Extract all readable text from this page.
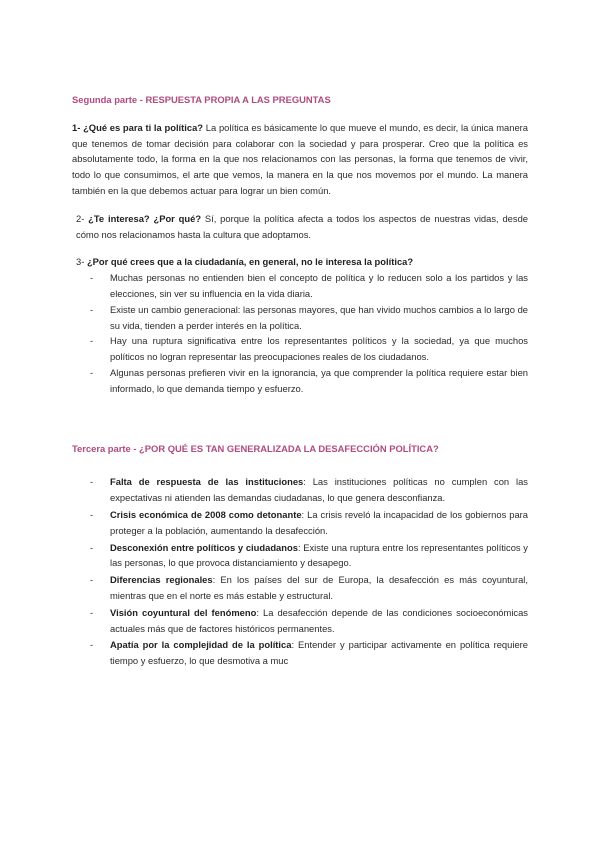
Segunda parte - RESPUESTA PROPIA A LAS PREGUNTAS

1- ¿Qué es para ti la política? La política es básicamente lo que mueve el mundo, es decir, la única manera que tenemos de tomar decisión para colaborar con la sociedad y para prosperar. Creo que la política es absolutamente todo, la forma en la que nos relacionamos con las personas, la forma que tenemos de vivir, todo lo que consumimos, el arte que vemos, la manera en la que nos movemos por el mundo. La manera también en la que debemos actuar para lograr un bien común.

2- ¿Te interesa? ¿Por qué? Sí, porque la política afecta a todos los aspectos de nuestras vidas, desde cómo nos relacionamos hasta la cultura que adoptamos.

3- ¿Por qué crees que a la ciudadanía, en general, no le interesa la política?

- Muchas personas no entienden bien el concepto de política y lo reducen solo a los partidos y las elecciones, sin ver su influencia en la vida diaria.
- Existe un cambio generacional: las personas mayores, que han vivido muchos cambios a lo largo de su vida, tienden a perder interés en la política.
- Hay una ruptura significativa entre los representantes políticos y la sociedad, ya que muchos políticos no logran representar las preocupaciones reales de los ciudadanos.
- Algunas personas prefieren vivir en la ignorancia, ya que comprender la política requiere estar bien informado, lo que demanda tiempo y esfuerzo.
Tercera parte - ¿POR QUÉ ES TAN GENERALIZADA LA DESAFECCIÓN POLÍTICA?
- Falta de respuesta de las instituciones: Las instituciones políticas no cumplen con las expectativas ni atienden las demandas ciudadanas, lo que genera desconfianza.
- Crisis económica de 2008 como detonante: La crisis reveló la incapacidad de los gobiernos para proteger a la población, aumentando la desafección.
- Desconexión entre políticos y ciudadanos: Existe una ruptura entre los representantes políticos y las personas, lo que provoca distanciamiento y desapego.
- Diferencias regionales: En los países del sur de Europa, la desafección es más coyuntural, mientras que en el norte es más estable y estructural.
- Visión coyuntural del fenómeno: La desafección depende de las condiciones socioeconómicas actuales más que de factores históricos permanentes.
- Apatía por la complejidad de la política: Entender y participar activamente en política requiere tiempo y esfuerzo, lo que desmotiva a muc
